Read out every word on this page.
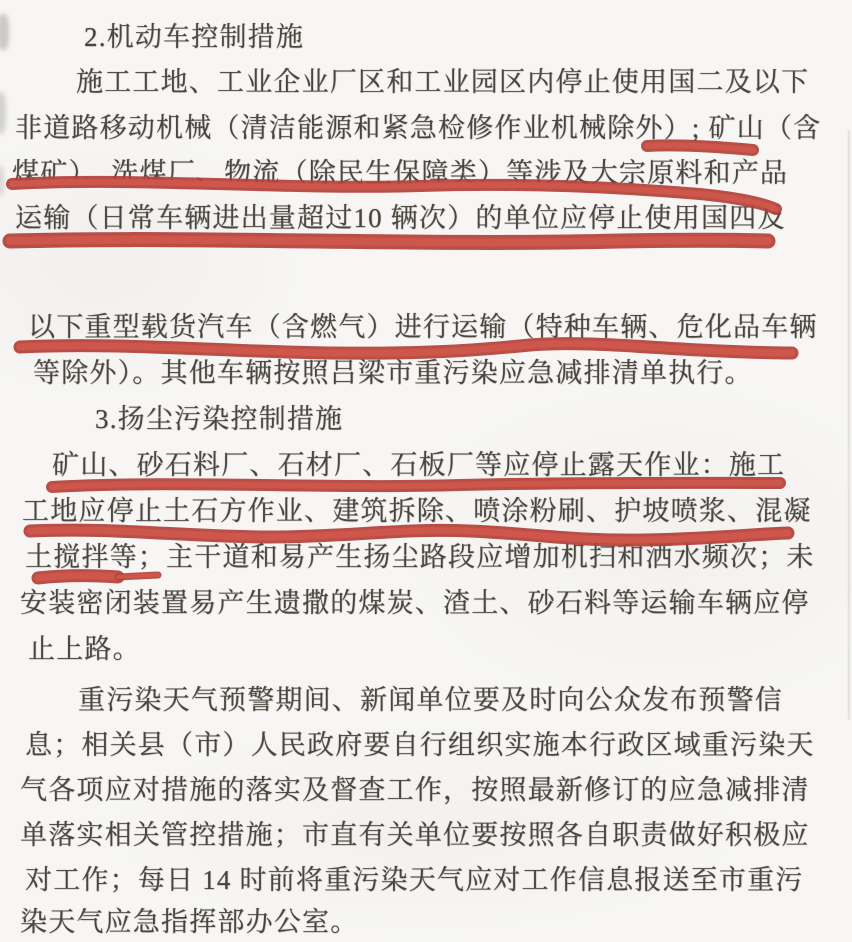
2.机动车控制措施
施工工地、工业企业厂区和工业园区内停止使用国二及以下
非道路移动机械（清洁能源和紧急检修作业机械除外）; 矿山（含
煤矿）、洗煤厂、物流（除民生保障类）等涉及大宗原料和产品
运输（日常车辆进出量超过10 辆次）的单位应停止使用国四及
以下重型载货汽车（含燃气）进行运输（特种车辆、危化品车辆
等除外）。其他车辆按照吕梁市重污染应急减排清单执行。
3.扬尘污染控制措施
矿山、砂石料厂、石材厂、石板厂等应停止露天作业：施工
工地应停止土石方作业、建筑拆除、喷涂粉刷、护坡喷浆、混凝
土搅拌等；主干道和易产生扬尘路段应增加机扫和洒水频次；未
安装密闭装置易产生遗撒的煤炭、渣土、砂石料等运输车辆应停
止上路。
重污染天气预警期间、新闻单位要及时向公众发布预警信
息；相关县（市）人民政府要自行组织实施本行政区域重污染天
气各项应对措施的落实及督查工作，按照最新修订的应急减排清
单落实相关管控措施；市直有关单位要按照各自职责做好积极应
对工作；每日 14 时前将重污染天气应对工作信息报送至市重污
染天气应急指挥部办公室。
